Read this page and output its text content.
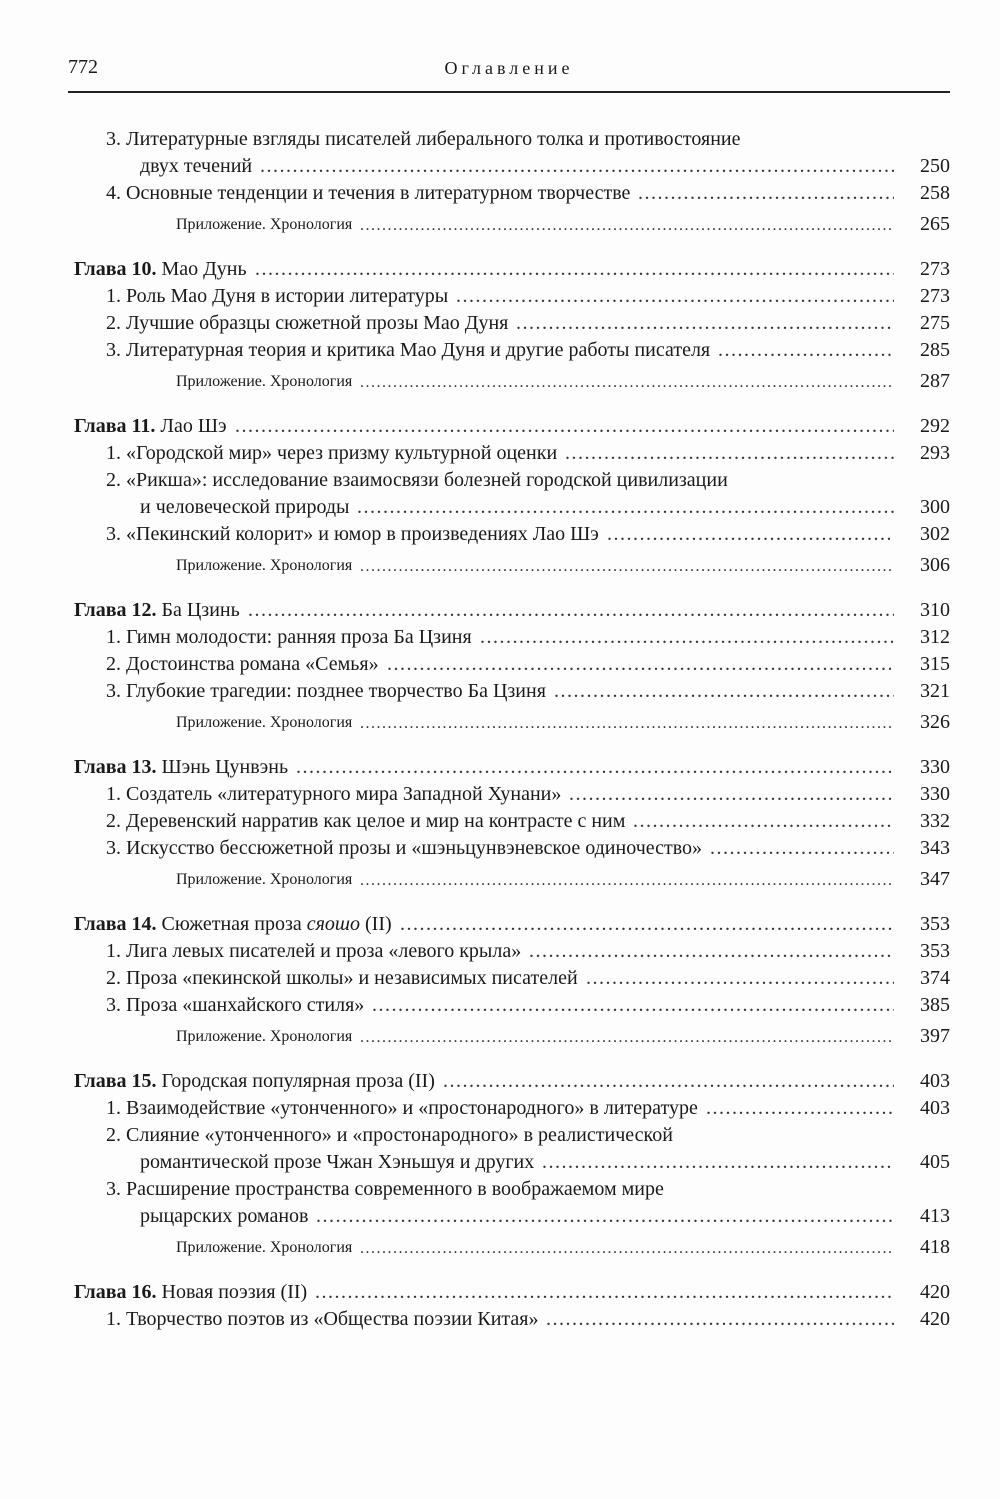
772	Оглавление
3. Литературные взгляды писателей либерального толка и противостояние
двух течений .....	250
4. Основные тенденции и течения в литературном творчестве .....	258
Приложение. Хронология .....	265
Глава 10. Мао Дунь .....	273
1. Роль Мао Дуня в истории литературы .....	273
2. Лучшие образцы сюжетной прозы Мао Дуня .....	275
3. Литературная теория и критика Мао Дуня и другие работы писателя .....	285
Приложение. Хронология .....	287
Глава 11. Лао Шэ .....	292
1. «Городской мир» через призму культурной оценки .....	293
2. «Рикша»: исследование взаимосвязи болезней городской цивилизации
и человеческой природы .....	300
3. «Пекинский колорит» и юмор в произведениях Лао Шэ .....	302
Приложение. Хронология .....	306
Глава 12. Ба Цзинь .....	310
1. Гимн молодости: ранняя проза Ба Цзиня .....	312
2. Достоинства романа «Семья» .....	315
3. Глубокие трагедии: позднее творчество Ба Цзиня .....	321
Приложение. Хронология .....	326
Глава 13. Шэнь Цунвэнь .....	330
1. Создатель «литературного мира Западной Хунани» .....	330
2. Деревенский нарратив как целое и мир на контрасте с ним .....	332
3. Искусство бессюжетной прозы и «шэньцунвэневское одиночество» .....	343
Приложение. Хронология .....	347
Глава 14. Сюжетная проза сяошо (II) .....	353
1. Лига левых писателей и проза «левого крыла» .....	353
2. Проза «пекинской школы» и независимых писателей .....	374
3. Проза «шанхайского стиля» .....	385
Приложение. Хронология .....	397
Глава 15. Городская популярная проза (II) .....	403
1. Взаимодействие «утонченного» и «простонародного» в литературе .....	403
2. Слияние «утонченного» и «простонародного» в реалистической
романтической прозе Чжан Хэньшуя и других .....	405
3. Расширение пространства современного в воображаемом мире
рыцарских романов .....	413
Приложение. Хронология .....	418
Глава 16. Новая поэзия (II) .....	420
1. Творчество поэтов из «Общества поэзии Китая» .....	420
